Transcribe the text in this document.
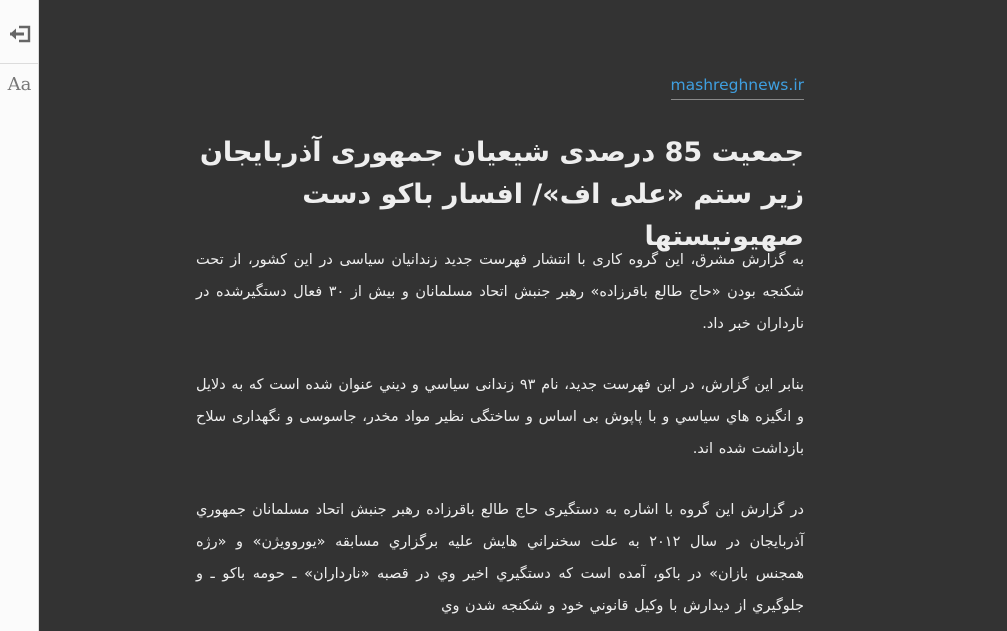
Aa	mashreghnews.ir
جمعیت 85 درصدی شیعیان جمهوری آذربایجان
زیر ستم «علی اف»/ افسار باکو دست صهیونیستها

به گزارش مشرق، این گروه کاری با انتشار فهرست جدید زندانیان سیاسی در این کشور، از تحت شکنجه بودن «حاج طالع باقرزاده» رهبر جنبش اتحاد مسلمانان و بیش از ۳۰ فعال دستگیرشده در نارداران خبر داد.

بنابر این گزارش، در این فهرست جدید، نام ۹۳ زندانی سیاسي و دیني عنوان شده است که به دلایل و انگیزه هاي سیاسي و با پاپوش بی اساس و ساختگی نظیر مواد مخدر، جاسوسی و نگهداری سلاح بازداشت شده اند.

در گزارش این گروه با اشاره به دستگیری حاج طالع باقرزاده رهبر جنبش اتحاد مسلمانان جمهوري آذربایجان در سال ۲۰۱۲ به علت سخنراني هایش علیه برگزاري مسابقه «یوروویژن» و «رژه همجنس بازان» در باکو، آمده است که دستگیري اخیر وي در قصبه «نارداران» ـ حومه باکو ـ و جلوگیري از دیدارش با وکیل قانوني خود و شکنجه شدن وي
